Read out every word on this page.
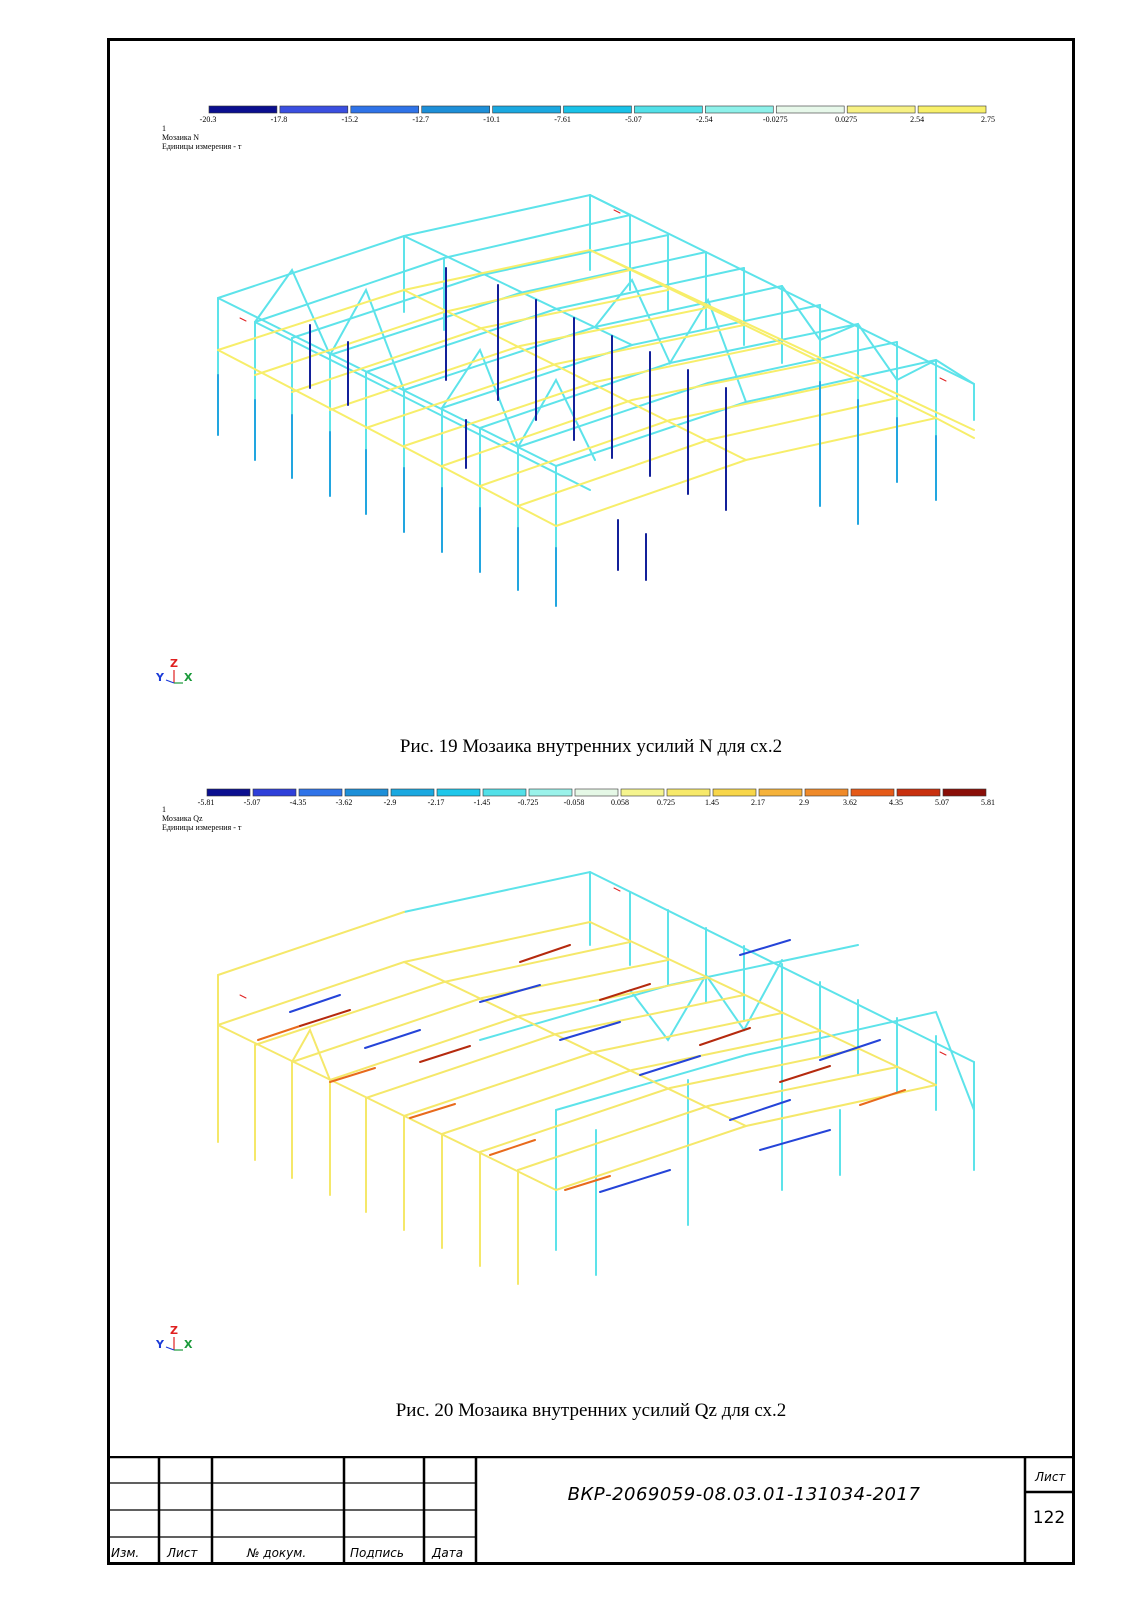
-20.3	-17.8	-15.2	-12.7	-10.1	-7.61	-5.07	-2.54	-0.0275	0.0275	2.54	2.75
1
Мозаика N
Единицы измерения - т
Y
Z
X
-5.81	-5.07	-4.35	-3.62	-2.9	-2.17	-1.45	-0.725	-0.058	0.058	0.725	1.45	2.17	2.9	3.62	4.35	5.07	5.81
1
Мозаика Qz
Единицы измерения - т
Y
Z
X
Рис. 19 Мозаика внутренних усилий N для сх.2
Рис. 20 Мозаика внутренних усилий Qz для сх.2
Изм. Лист	№ докум.	Подпись Дата
Лист
ВКР-2069059-08.03.01-131034-2017
122
